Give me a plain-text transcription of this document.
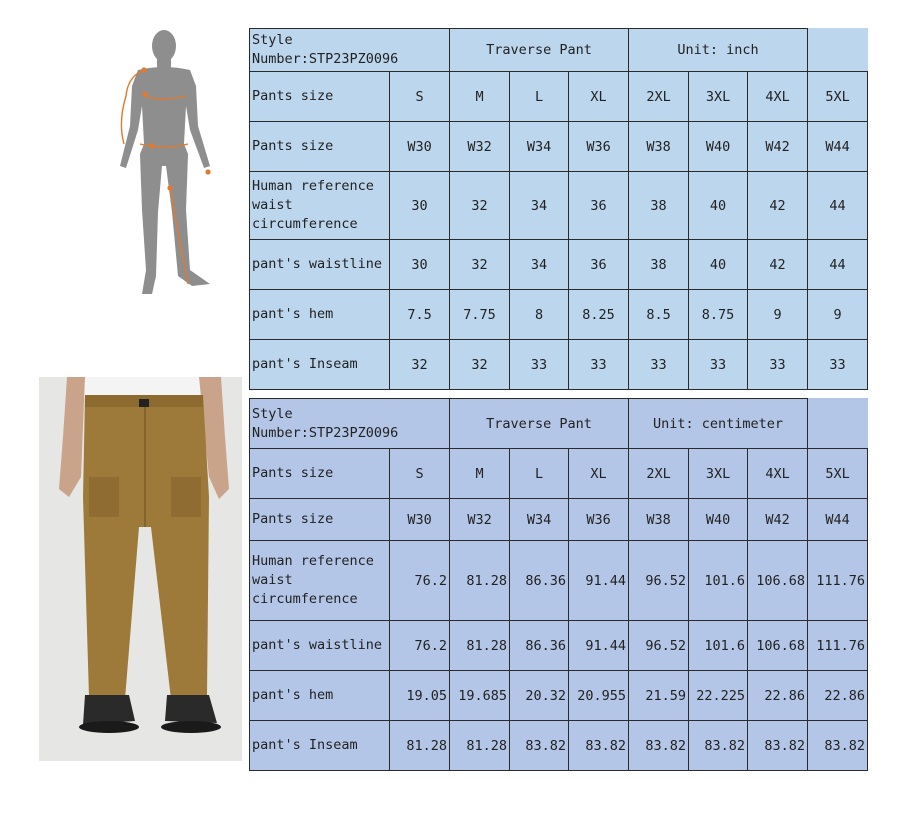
Style Number:STP23PZ0096		Traverse Pant			Unit: inch			
Pants size	S	M	L	XL	2XL	3XL	4XL	5XL
Pants size	W30	W32	W34	W36	W38	W40	W42	W44
Human reference waist circumference	30	32	34	36	38	40	42	44
pant's waistline	30	32	34	36	38	40	42	44
pant's hem	7.5	7.75	8	8.25	8.5	8.75	9	9
pant's Inseam	32	32	33	33	33	33	33	33
Style Number:STP23PZ0096		Traverse Pant			Unit: centimeter			
Pants size	S	M	L	XL	2XL	3XL	4XL	5XL
Pants size	W30	W32	W34	W36	W38	W40	W42	W44
Human reference waist circumference	76.2	81.28	86.36	91.44	96.52	101.6	106.68	111.76
pant's waistline	76.2	81.28	86.36	91.44	96.52	101.6	106.68	111.76
pant's hem	19.05	19.685	20.32	20.955	21.59	22.225	22.86	22.86
pant's Inseam	81.28	81.28	83.82	83.82	83.82	83.82	83.82	83.82
